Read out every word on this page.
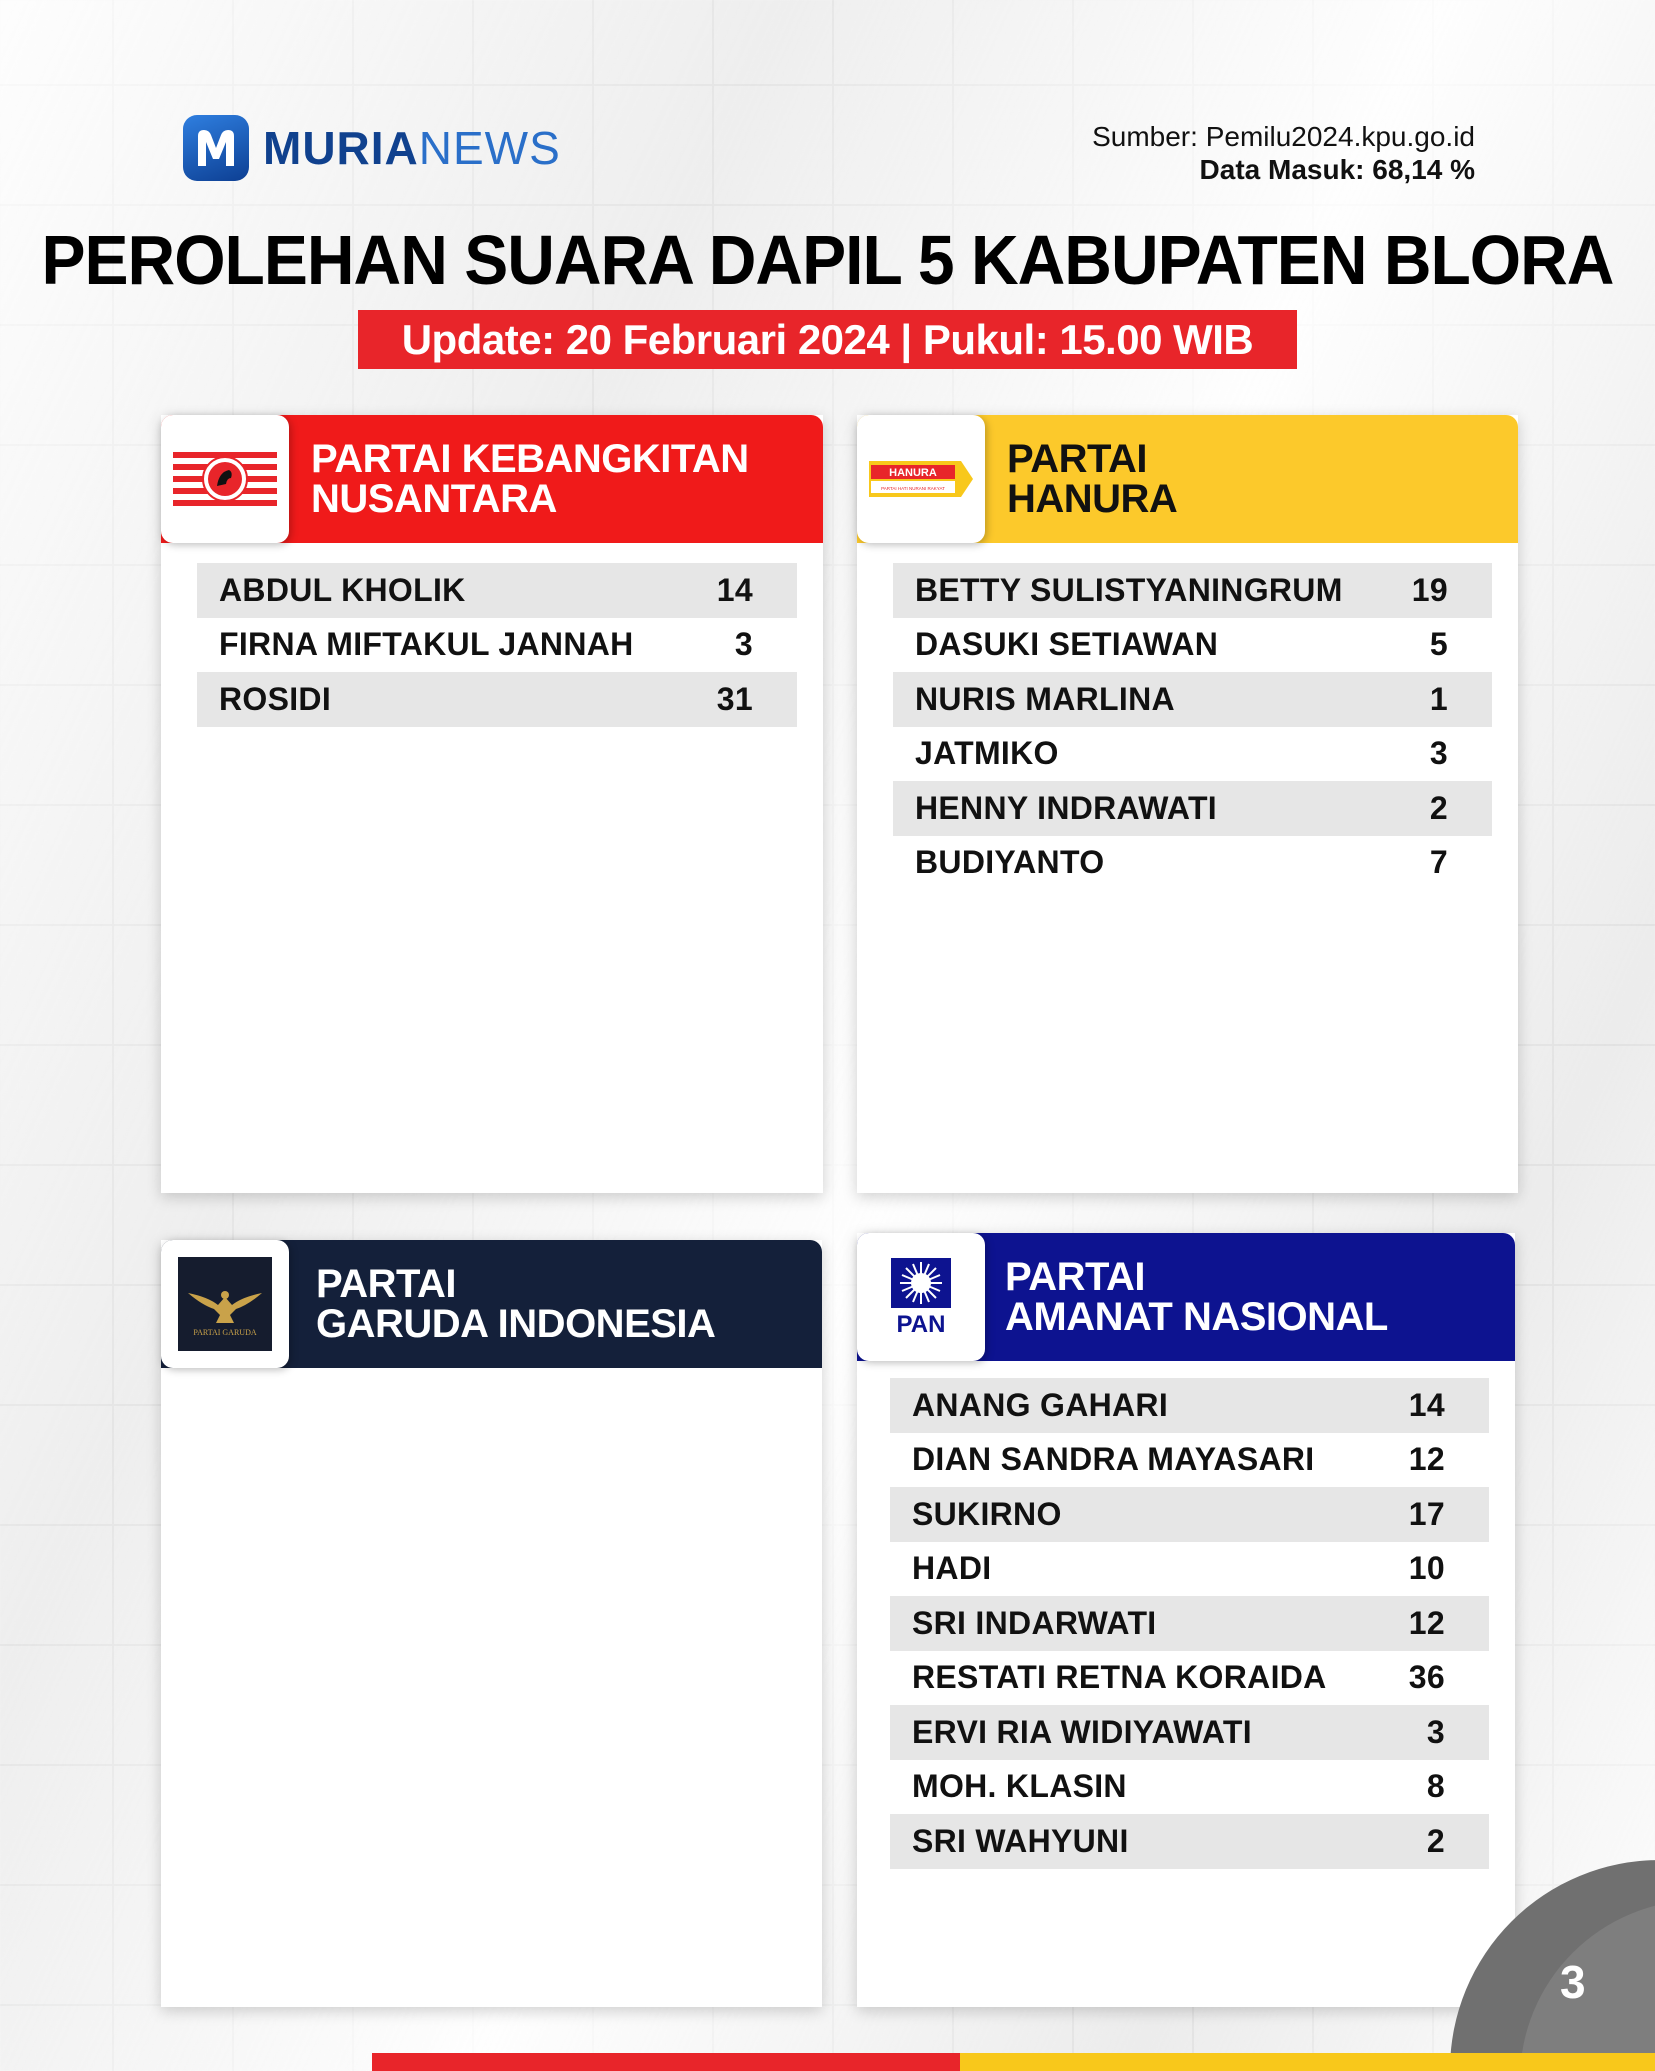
MURIANEWS	Sumber: Pemilu2024.kpu.go.id
Data Masuk: 68,14 %
PEROLEHAN SUARA DAPIL 5 KABUPATEN BLORA
Update: 20 Februari 2024 | Pukul: 15.00 WIB
PARTAI KEBANGKITAN
NUSANTARA
ABDUL KHOLIK	14
FIRNA MIFTAKUL JANNAH	3
ROSIDI	31
HANURA
PARTAI HATI NURANI RAKYAT
PARTAI
HANURA
BETTY SULISTYANINGRUM 19
DASUKI SETIAWAN	5
NURIS MARLINA	1
JATMIKO	3
HENNY INDRAWATI	2
BUDIYANTO	7
PARTAI GARUDA
PARTAI
GARUDA INDONESIA	PAN
PARTAI
AMANAT NASIONAL
ANANG GAHARI	14
DIAN SANDRA MAYASARI	12
SUKIRNO	17
HADI	10
SRI INDARWATI	12
RESTATI RETNA KORAIDA	36
ERVI RIA WIDIYAWATI	3
MOH. KLASIN	8
SRI WAHYUNI	2
3
